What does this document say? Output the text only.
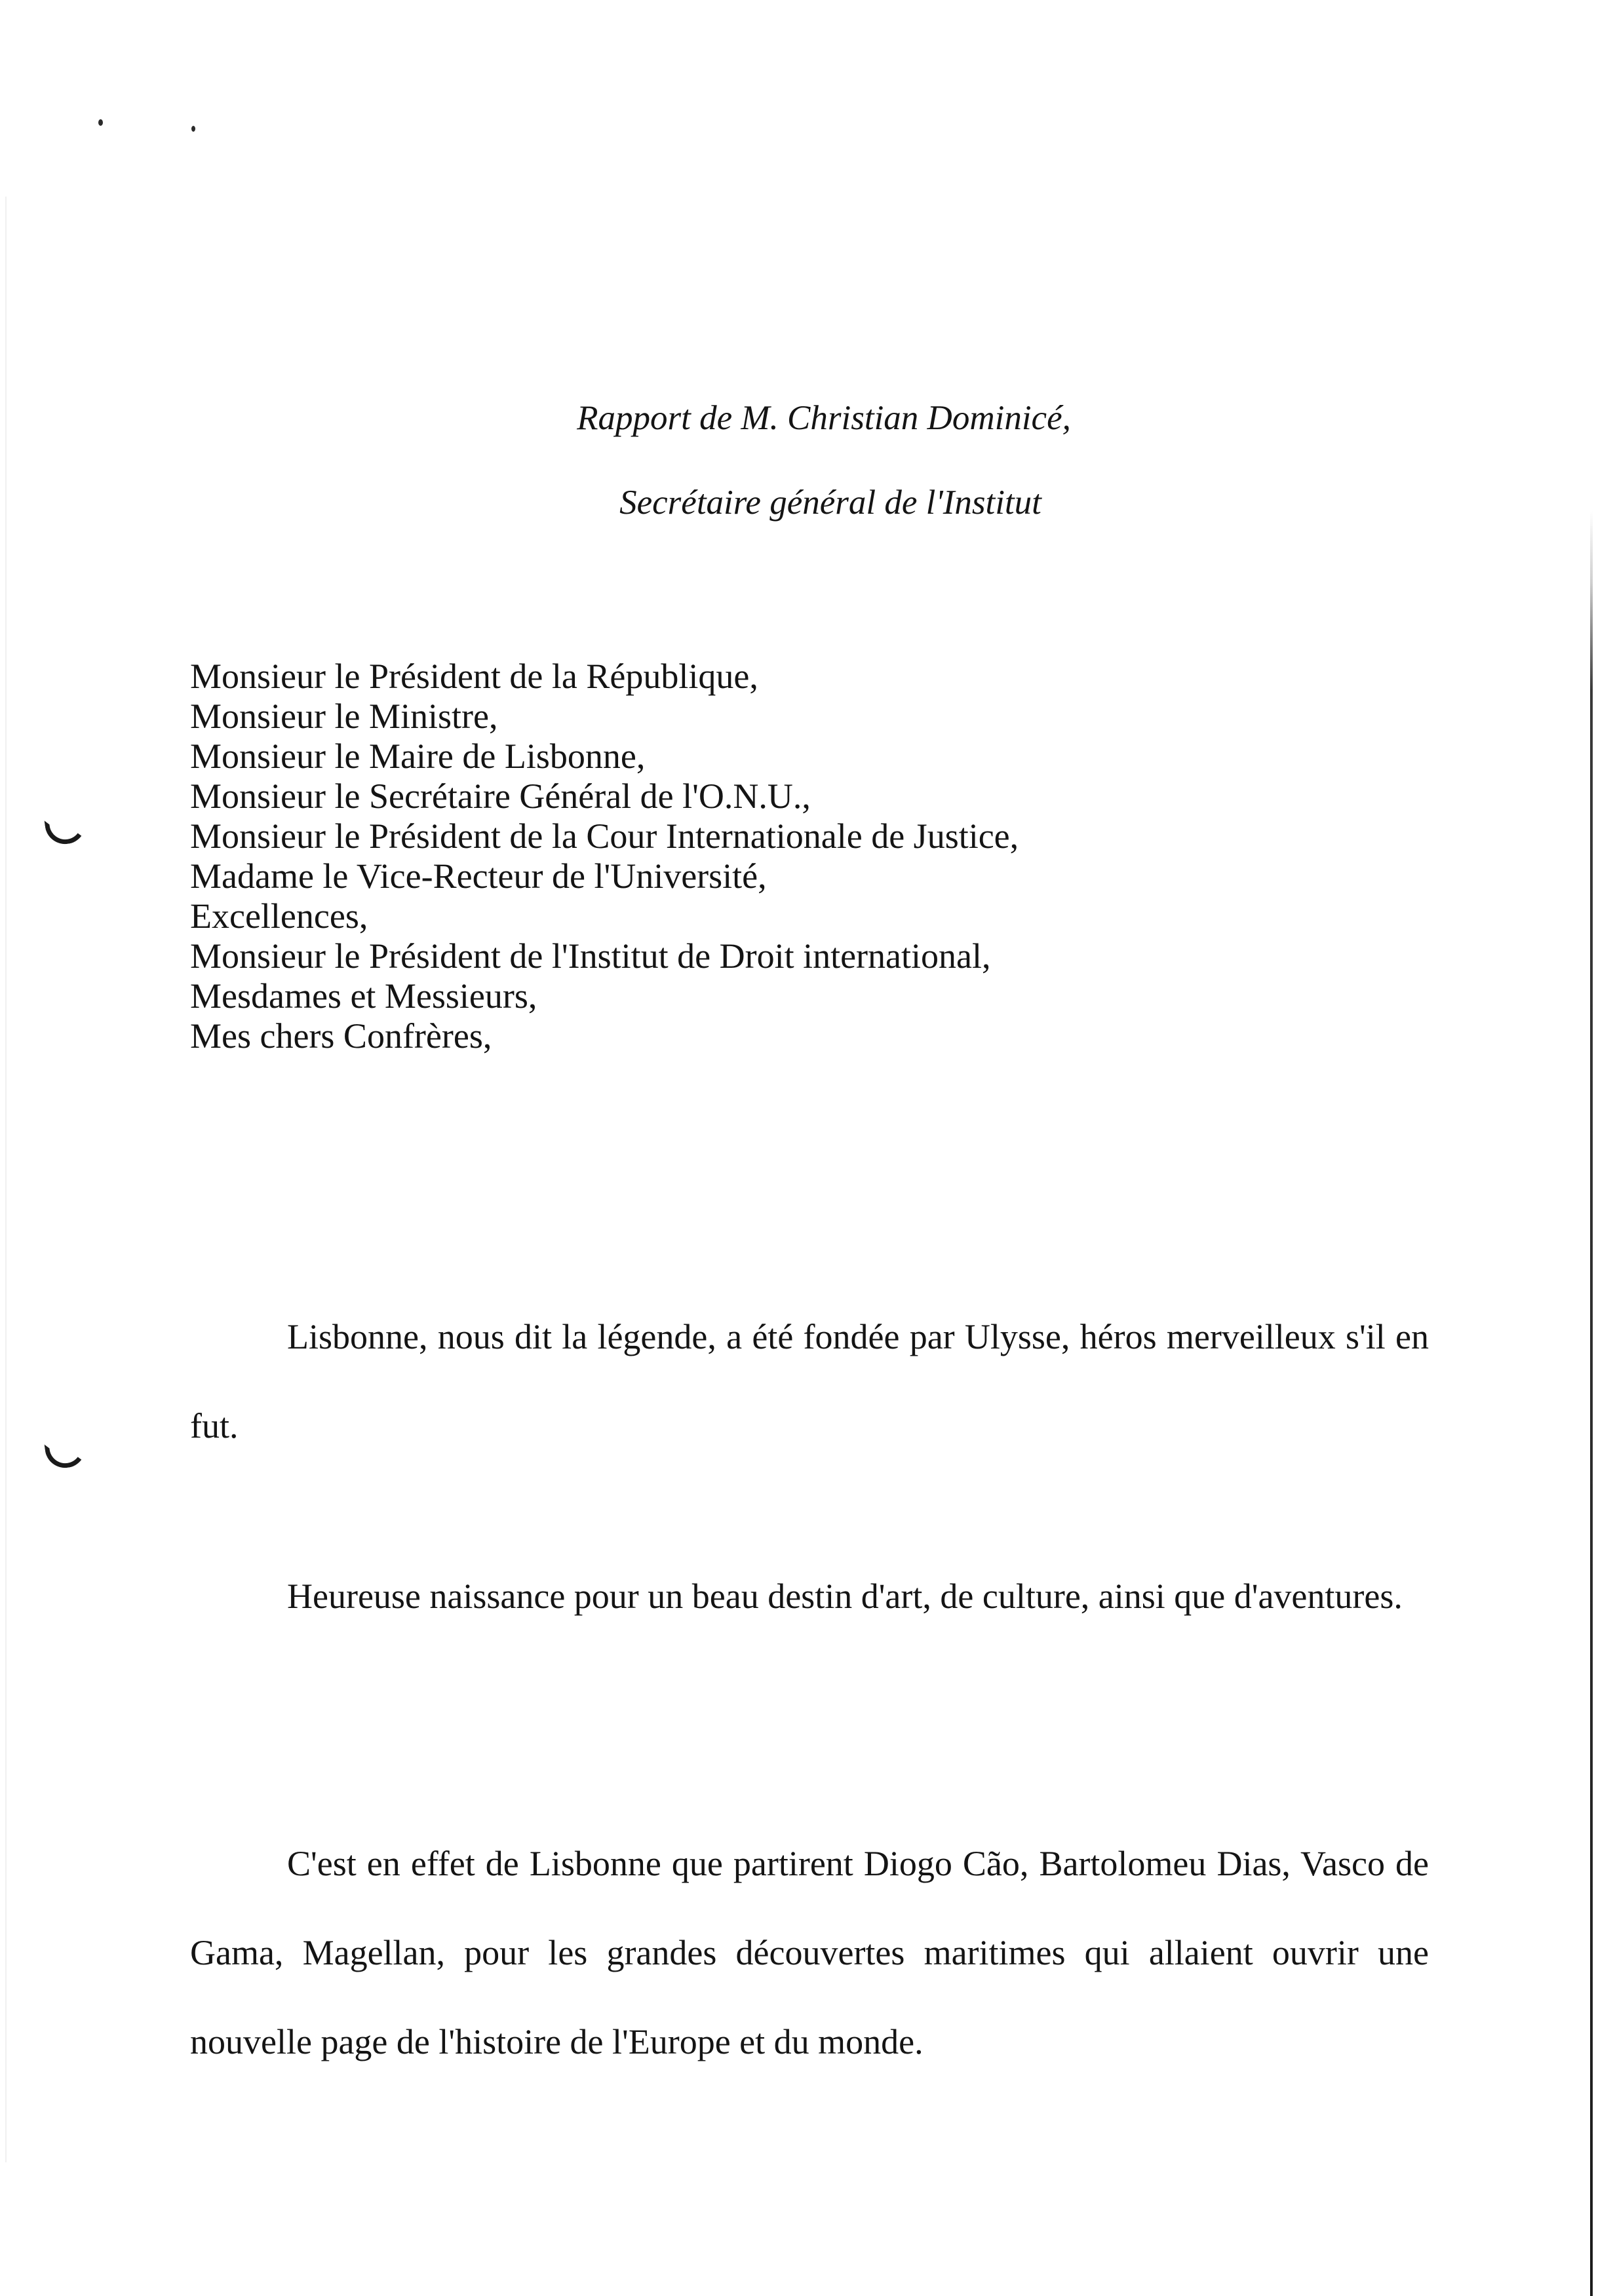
Rapport de M. Christian Dominicé,
Secrétaire général de l'Institut
Monsieur le Président de la République,
Monsieur le Ministre,
Monsieur le Maire de Lisbonne,
Monsieur le Secrétaire Général de l'O.N.U.,
Monsieur le Président de la Cour Internationale de Justice,
Madame le Vice-Recteur de l'Université,
Excellences,
Monsieur le Président de l'Institut de Droit international,
Mesdames et Messieurs,
Mes chers Confrères,

Lisbonne, nous dit la légende, a été fondée par Ulysse, héros merveilleux s'il en fut.

Heureuse naissance pour un beau destin d'art, de culture, ainsi que d'aventures.

C'est en effet de Lisbonne que partirent Diogo Cão, Bartolomeu Dias, Vasco de Gama, Magellan, pour les grandes découvertes maritimes qui allaient ouvrir une nouvelle page de l'histoire de l'Europe et du monde.
